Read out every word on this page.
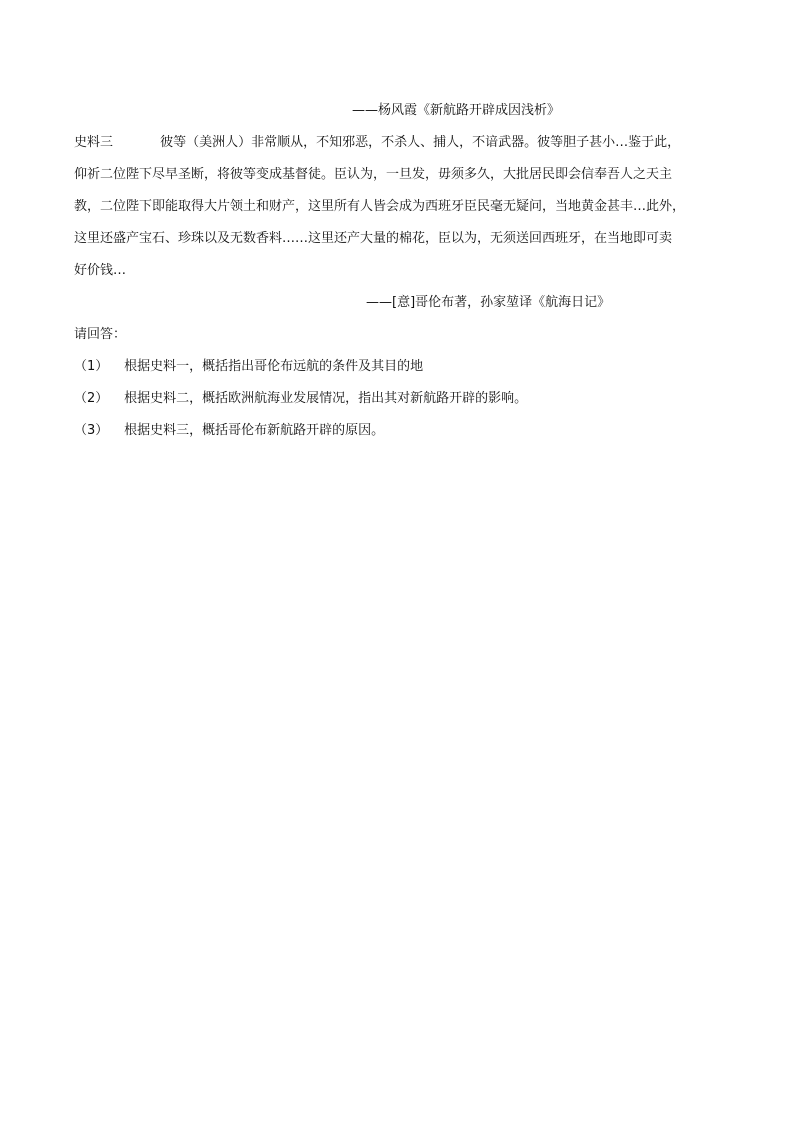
——杨风霞《新航路开辟成因浅析》
史料三	彼等（美洲人）非常顺从，不知邪恶，不杀人、捕人，不谙武器。彼等胆子甚小…鉴于此，
仰祈二位陛下尽早圣断，将彼等变成基督徒。臣认为，一旦发，毋须多久，大批居民即会信奉吾人之天主
教，二位陛下即能取得大片领土和财产，这里所有人皆会成为西班牙臣民毫无疑问，当地黄金甚丰…此外，
这里还盛产宝石、珍珠以及无数香料……这里还产大量的棉花，臣以为，无须送回西班牙，在当地即可卖
好价钱…
——[意]哥伦布著，孙家堃译《航海日记》
请回答：
（1） 根据史料一，概括指出哥伦布远航的条件及其目的地
（2） 根据史料二，概括欧洲航海业发展情况，指出其对新航路开辟的影响。
（3） 根据史料三，概括哥伦布新航路开辟的原因。
